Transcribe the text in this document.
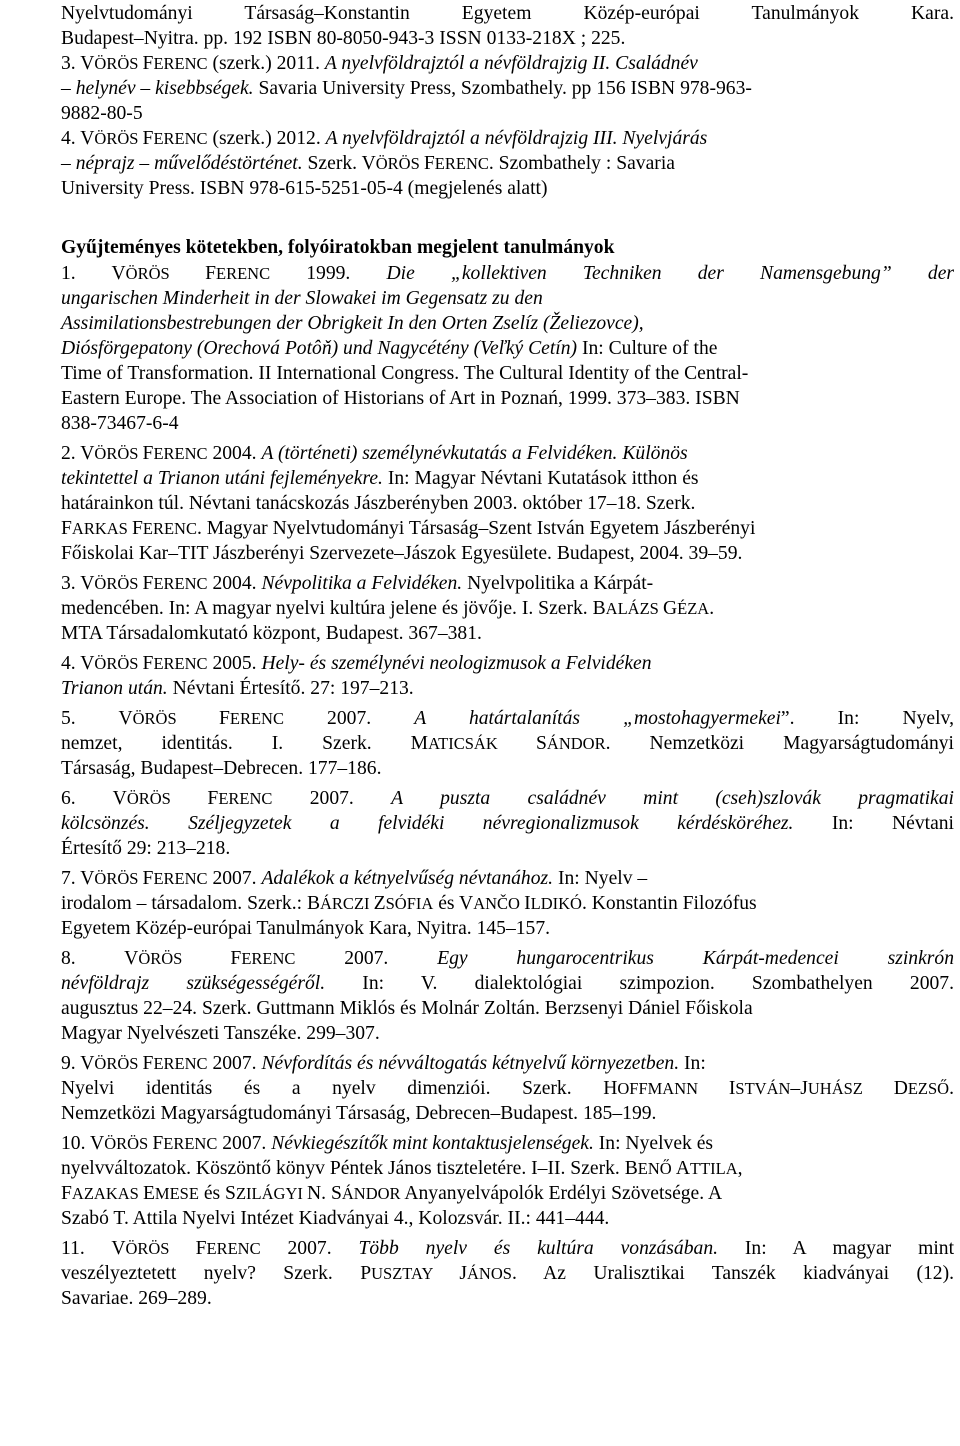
Nyelvtudományi Társaság–Konstantin Egyetem Közép-európai Tanulmányok Kara.
Budapest–Nyitra. pp. 192 ISBN 80-8050-943-3 ISSN 0133-218X ; 225.
3. VÖRÖS FERENC (szerk.) 2011. A nyelvföldrajztól a névföldrajzig II. Családnév
– helynév – kisebbségek. Savaria University Press, Szombathely. pp 156 ISBN 978-963-
9882-80-5
4. VÖRÖS FERENC (szerk.) 2012. A nyelvföldrajztól a névföldrajzig III. Nyelvjárás
– néprajz – művelődéstörténet. Szerk. VÖRÖS FERENC. Szombathely : Savaria
University Press. ISBN 978-615-5251-05-4 (megjelenés alatt)
Gyűjteményes kötetekben, folyóiratokban megjelent tanulmányok
1. VÖRÖS FERENC 1999. Die „kollektiven Techniken der Namensgebung” der
ungarischen Minderheit in der Slowakei im Gegensatz zu den
Assimilationsbestrebungen der Obrigkeit In den Orten Zselíz (Želiezovce),
Diósförgepatony (Orechová Potôň) und Nagycétény (Veľký Cetín) In: Culture of the
Time of Transformation. II International Congress. The Cultural Identity of the Central-
Eastern Europe. The Association of Historians of Art in Poznań, 1999. 373–383. ISBN
838-73467-6-4
2. VÖRÖS FERENC 2004. A (történeti) személynévkutatás a Felvidéken. Különös
tekintettel a Trianon utáni fejleményekre. In: Magyar Névtani Kutatások itthon és
határainkon túl. Névtani tanácskozás Jászberényben 2003. október 17–18. Szerk.
FARKAS FERENC. Magyar Nyelvtudományi Társaság–Szent István Egyetem Jászberényi
Főiskolai Kar–TIT Jászberényi Szervezete–Jászok Egyesülete. Budapest, 2004. 39–59.
3. VÖRÖS FERENC 2004. Névpolitika a Felvidéken. Nyelvpolitika a Kárpát-
medencében. In: A magyar nyelvi kultúra jelene és jövője. I. Szerk. BALÁZS GÉZA.
MTA Társadalomkutató központ, Budapest. 367–381.
4. VÖRÖS FERENC 2005. Hely- és személynévi neologizmusok a Felvidéken
Trianon után. Névtani Értesítő. 27: 197–213.
5. VÖRÖS FERENC 2007. A határtalanítás „mostohagyermekei”. In: Nyelv,
nemzet, identitás. I. Szerk. MATICSÁK SÁNDOR. Nemzetközi Magyarságtudományi
Társaság, Budapest–Debrecen. 177–186.
6. VÖRÖS FERENC 2007. A puszta családnév mint (cseh)szlovák pragmatikai
kölcsönzés. Széljegyzetek a felvidéki névregionalizmusok kérdésköréhez. In: Névtani
Értesítő 29: 213–218.
7. VÖRÖS FERENC 2007. Adalékok a kétnyelvűség névtanához. In: Nyelv –
irodalom – társadalom. Szerk.: BÁRCZI ZSÓFIA és VANČO ILDIKÓ. Konstantin Filozófus
Egyetem Közép-európai Tanulmányok Kara, Nyitra. 145–157.
8. VÖRÖS FERENC 2007. Egy hungarocentrikus Kárpát-medencei szinkrón
névföldrajz szükségességéről. In: V. dialektológiai szimpozion. Szombathelyen 2007.
augusztus 22–24. Szerk. Guttmann Miklós és Molnár Zoltán. Berzsenyi Dániel Főiskola
Magyar Nyelvészeti Tanszéke. 299–307.
9. VÖRÖS FERENC 2007. Névfordítás és névváltogatás kétnyelvű környezetben. In:
Nyelvi identitás és a nyelv dimenziói. Szerk. HOFFMANN ISTVÁN–JUHÁSZ DEZSŐ.
Nemzetközi Magyarságtudományi Társaság, Debrecen–Budapest. 185–199.
10. VÖRÖS FERENC 2007. Névkiegészítők mint kontaktusjelenségek. In: Nyelvek és
nyelvváltozatok. Köszöntő könyv Péntek János tiszteletére. I–II. Szerk. BENŐ ATTILA,
FAZAKAS EMESE és SZILÁGYI N. SÁNDOR Anyanyelvápolók Erdélyi Szövetsége. A
Szabó T. Attila Nyelvi Intézet Kiadványai 4., Kolozsvár. II.: 441–444.
11. VÖRÖS FERENC 2007. Több nyelv és kultúra vonzásában. In: A magyar mint
veszélyeztetett nyelv? Szerk. PUSZTAY JÁNOS. Az Uralisztikai Tanszék kiadványai (12).
Savariae. 269–289.
